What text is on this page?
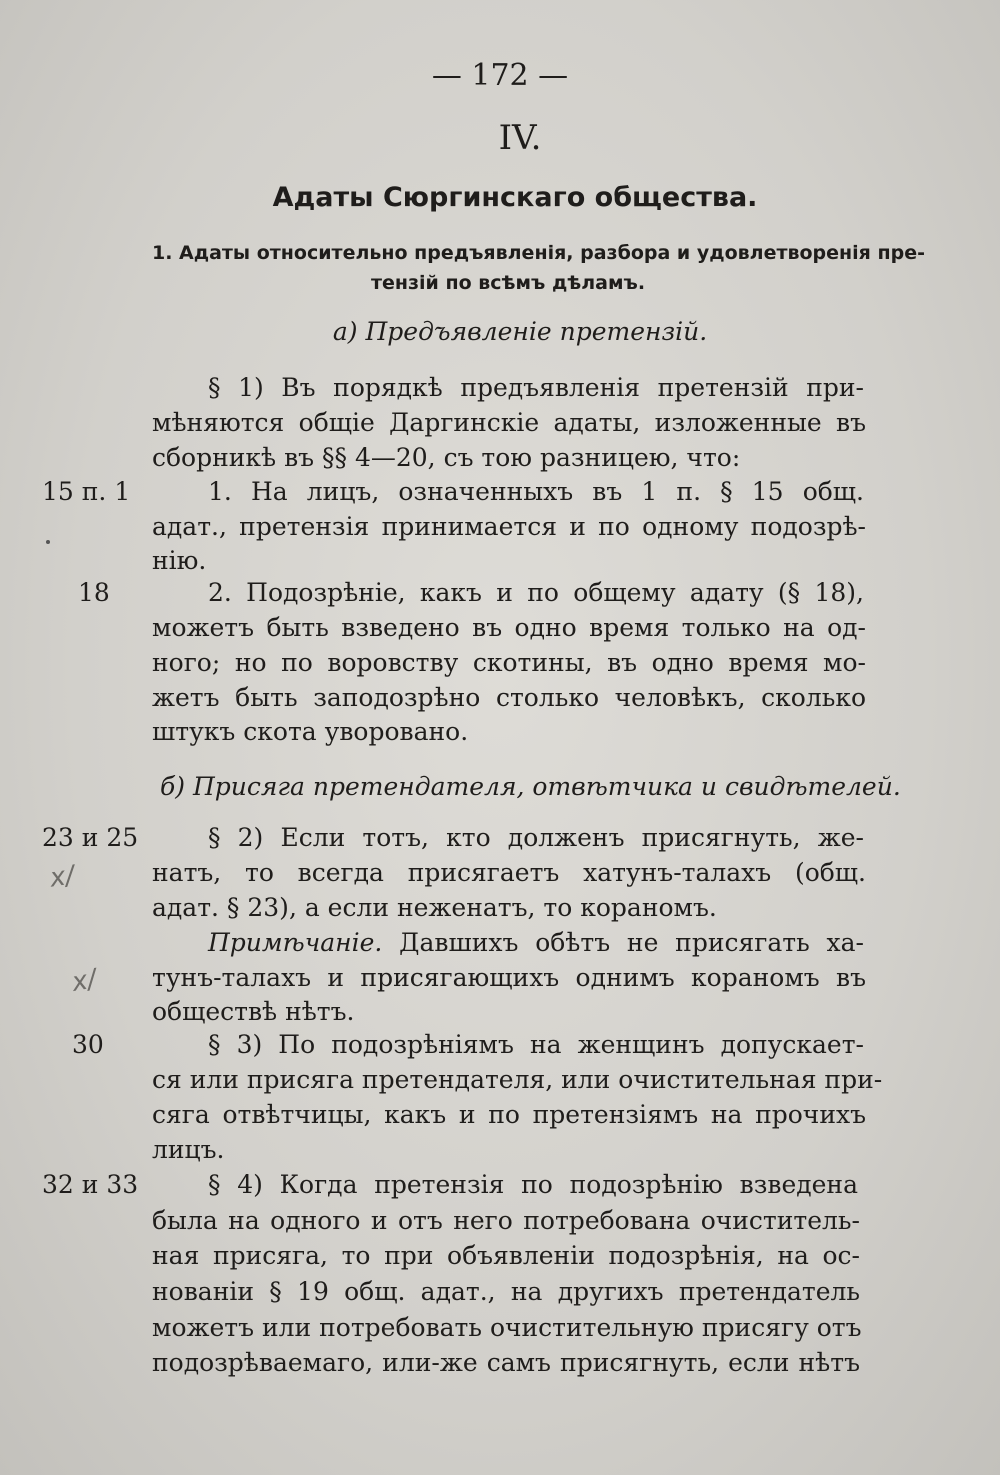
— 172 —
IV.
Адаты Сюргинскаго общества.
1. Адаты относительно предъявленія, разбора и удовлетворенія пре-
тензій по всѣмъ дѣламъ.
а) Предъявленіе претензій.
§ 1) Въ порядкѣ предъявленія претензій при-
мѣняются общіе Даргинскіе адаты, изложенные въ
сборникѣ въ §§ 4—20, съ тою разницею, что:
15 п. 1	1. На лицъ, означенныхъ въ 1 п. § 15 общ.
адат., претензія принимается и по одному подозрѣ-
нію.
18	2. Подозрѣніе, какъ и по общему адату (§ 18),
можетъ быть взведено въ одно время только на од-
ного; но по воровству скотины, въ одно время мо-
жетъ быть заподозрѣно столько человѣкъ, сколько
штукъ скота уворовано.
б) Присяга претендателя, отвѣтчика и свидѣтелей.
23 и 25	§ 2) Если тотъ, кто долженъ присягнуть, же-
натъ, то всегда присягаетъ хатунъ-талахъ (общ.
адат. § 23), а если неженатъ, то кораномъ.
х/
Примѣчаніе. Давшихъ обѣтъ не присягать ха-
тунъ-талахъ и присягающихъ однимъ кораномъ въ
обществѣ нѣтъ.
х/
30	§ 3) По подозрѣніямъ на женщинъ допускает-
ся или присяга претендателя, или очистительная при-
сяга отвѣтчицы, какъ и по претензіямъ на прочихъ
лицъ.
32 и 33	§ 4) Когда претензія по подозрѣнію взведена
была на одного и отъ него потребована очиститель-
ная присяга, то при объявленіи подозрѣнія, на ос-
нованіи § 19 общ. адат., на другихъ претендатель
можетъ или потребовать очистительную присягу отъ
подозрѣваемаго, или-же самъ присягнуть, если нѣтъ
